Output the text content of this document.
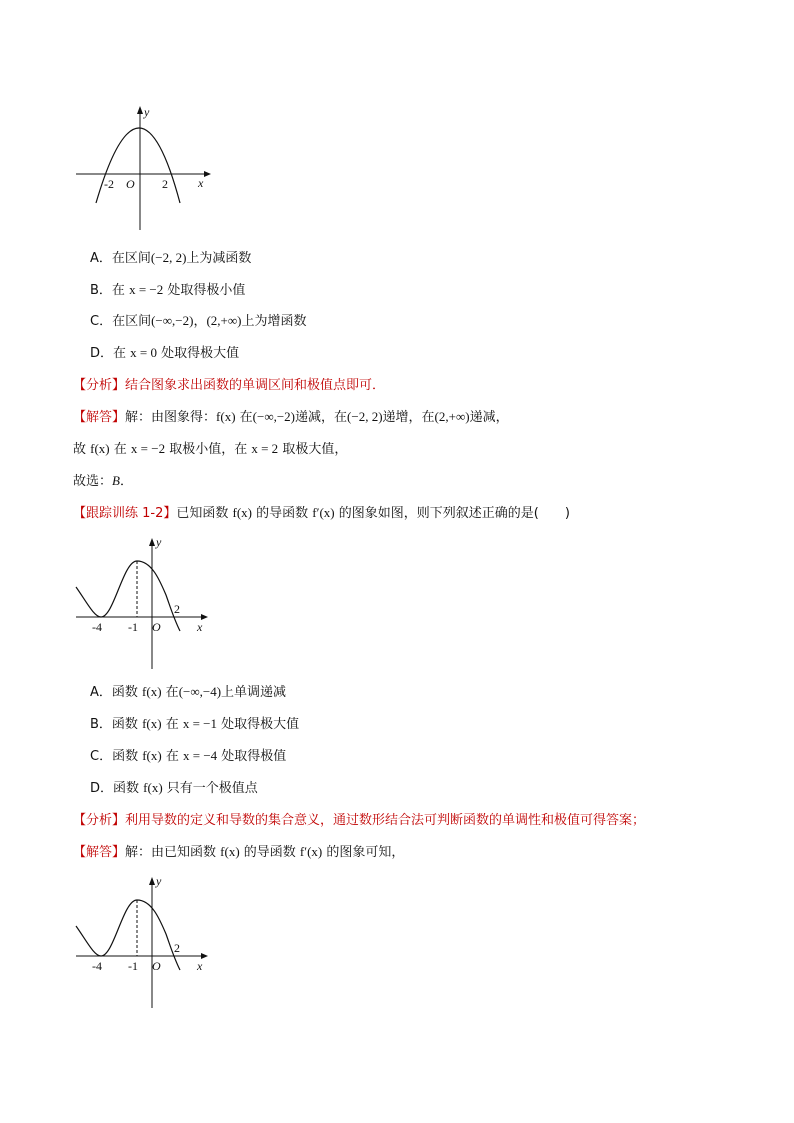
y
x
O
-2	2
A．在区间(−2, 2)上为减函数
B．在 x = −2 处取得极小值
C．在区间(−∞,−2)，(2,+∞)上为增函数
D．在 x = 0 处取得极大值
【分析】结合图象求出函数的单调区间和极值点即可．
【解答】解：由图象得：f(x) 在(−∞,−2)递减，在(−2, 2)递增，在(2,+∞)递减，
故 f(x) 在 x = −2 取极小值，在 x = 2 取极大值，
故选：B．
【跟踪训练 1-2】已知函数 f(x) 的导函数 f′(x) 的图象如图，则下列叙述正确的是(　　)
y
x
O
-4 -1
2
A．函数 f(x) 在(−∞,−4)上单调递减
B．函数 f(x) 在 x = −1 处取得极大值
C．函数 f(x) 在 x = −4 处取得极值
D．函数 f(x) 只有一个极值点
【分析】利用导数的定义和导数的集合意义，通过数形结合法可判断函数的单调性和极值可得答案；
【解答】解：由已知函数 f(x) 的导函数 f′(x) 的图象可知，
y
x
O
-4 -1
2
